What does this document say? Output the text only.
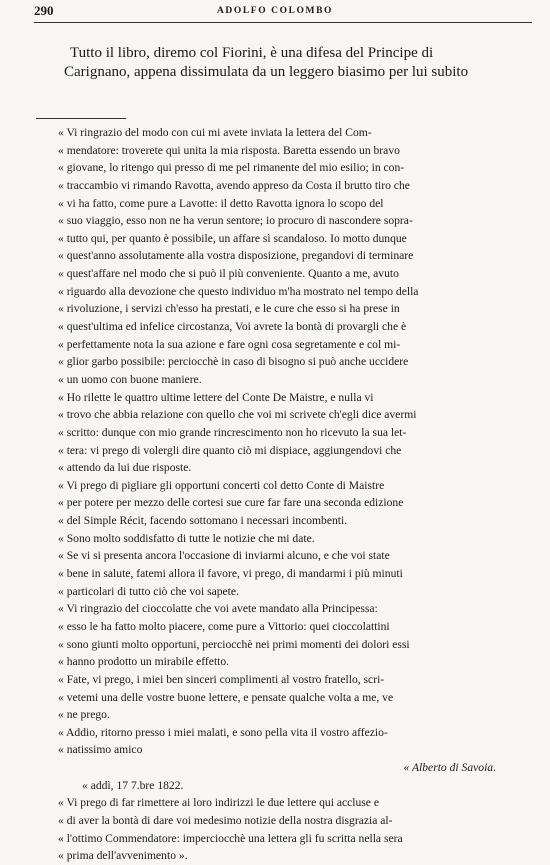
290	ADOLFO COLOMBO
Tutto il libro, diremo col Fiorini, è una difesa del Principe di
Carignano, appena dissimulata da un leggero biasimo per lui subito
« Vi ringrazio del modo con cui mi avete inviata la lettera del Com-
« mendatore: troverete qui unita la mia risposta. Baretta essendo un bravo
« giovane, lo ritengo qui presso di me pel rimanente del mio esilio; in con-
« traccambio vi rimando Ravotta, avendo appreso da Costa il brutto tiro che
« vi ha fatto, come pure a Lavotte: il detto Ravotta ignora lo scopo del
« suo viaggio, esso non ne ha verun sentore; io procuro di nascondere sopra-
« tutto qui, per quanto è possibile, un affare sì scandaloso. Io motto dunque
« quest'anno assolutamente alla vostra disposizione, pregandovi di terminare
« quest'affare nel modo che si può il più conveniente. Quanto a me, avuto
« riguardo alla devozione che questo individuo m'ha mostrato nel tempo della
« rivoluzione, i servizi ch'esso ha prestati, e le cure che esso si ha prese in
« quest'ultima ed infelice circostanza, Voi avrete la bontà di provargli che è
« perfettamente nota la sua azione e fare ogni cosa segretamente e col mi-
« glior garbo possibile: perciocchè in caso di bisogno si può anche uccidere
« un uomo con buone maniere.
« Ho rilette le quattro ultime lettere del Conte De Maistre, e nulla vi
« trovo che abbia relazione con quello che voi mi scrivete ch'egli dice avermi
« scritto: dunque con mio grande rincrescimento non ho ricevuto la sua let-
« tera: vi prego di volergli dire quanto ciò mi dispiace, aggiungendovi che
« attendo da lui due risposte.
« Vi prego di pigliare gli opportuni concerti col detto Conte di Maistre
« per potere per mezzo delle cortesi sue cure far fare una seconda edizione
« del Simple Récit, facendo sottomano i necessari incombenti.
« Sono molto soddisfatto di tutte le notizie che mi date.
« Se vi si presenta ancora l'occasione di inviarmi alcuno, e che voi state
« bene in salute, fatemi allora il favore, vi prego, di mandarmi i più minuti
« particolari di tutto ciò che voi sapete.
« Vi ringrazio del cioccolatte che voi avete mandato alla Principessa:
« esso le ha fatto molto piacere, come pure a Vittorio: quei cioccolattini
« sono giunti molto opportuni, perciocchè nei primi momenti dei dolori essi
« hanno prodotto un mirabile effetto.
« Fate, vi prego, i miei ben sinceri complimenti al vostro fratello, scri-
« vetemi una delle vostre buone lettere, e pensate qualche volta a me, ve
« ne prego.
« Addio, ritorno presso i miei malati, e sono pella vita il vostro affezio-
« natissimo amico
« Alberto di Savoia.
« addì, 17 7.bre 1822.
« Vi prego di far rimettere ai loro indirizzi le due lettere qui accluse e
« di aver la bontà di dare voi medesimo notizie della nostra disgrazia al-
« l'ottimo Commendatore: imperciocchè una lettera gli fu scritta nella sera
« prima dell'avvenimento ».
